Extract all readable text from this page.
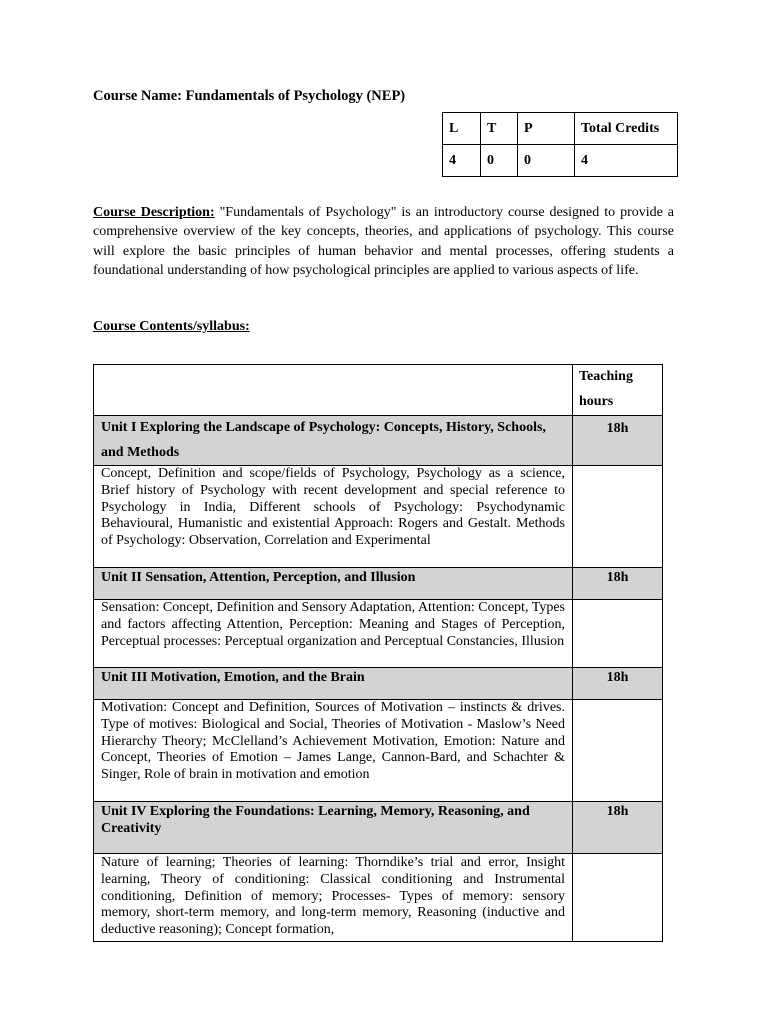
Course Name: Fundamentals of Psychology (NEP)
L	T	P	Total Credits
4	0	0	4

Course Description: "Fundamentals of Psychology" is an introductory course designed to provide a comprehensive overview of the key concepts, theories, and applications of psychology. This course will explore the basic principles of human behavior and mental processes, offering students a foundational understanding of how psychological principles are applied to various aspects of life.

Course Contents/syllabus:
	Teaching
hours
Unit I Exploring the Landscape of Psychology: Concepts, History, Schools, and Methods	18h
Concept, Definition and scope/fields of Psychology, Psychology as a science, Brief history of Psychology with recent development and special reference to Psychology in India, Different schools of Psychology: Psychodynamic Behavioural, Humanistic and existential Approach: Rogers and Gestalt. Methods of Psychology: Observation, Correlation and Experimental	
Unit II Sensation, Attention, Perception, and Illusion	18h
Sensation: Concept, Definition and Sensory Adaptation, Attention: Concept, Types and factors affecting Attention, Perception: Meaning and Stages of Perception, Perceptual processes: Perceptual organization and Perceptual Constancies, Illusion	
Unit III Motivation, Emotion, and the Brain	18h
Motivation: Concept and Definition, Sources of Motivation – instincts & drives. Type of motives: Biological and Social, Theories of Motivation - Maslow’s Need Hierarchy Theory; McClelland’s Achievement Motivation, Emotion: Nature and Concept, Theories of Emotion – James Lange, Cannon-Bard, and Schachter & Singer, Role of brain in motivation and emotion	
Unit IV Exploring the Foundations: Learning, Memory, Reasoning, and Creativity	18h
Nature of learning; Theories of learning: Thorndike’s trial and error, Insight learning, Theory of conditioning: Classical conditioning and Instrumental conditioning, Definition of memory; Processes- Types of memory: sensory memory, short-term memory, and long-term memory, Reasoning (inductive and deductive reasoning); Concept formation,	
